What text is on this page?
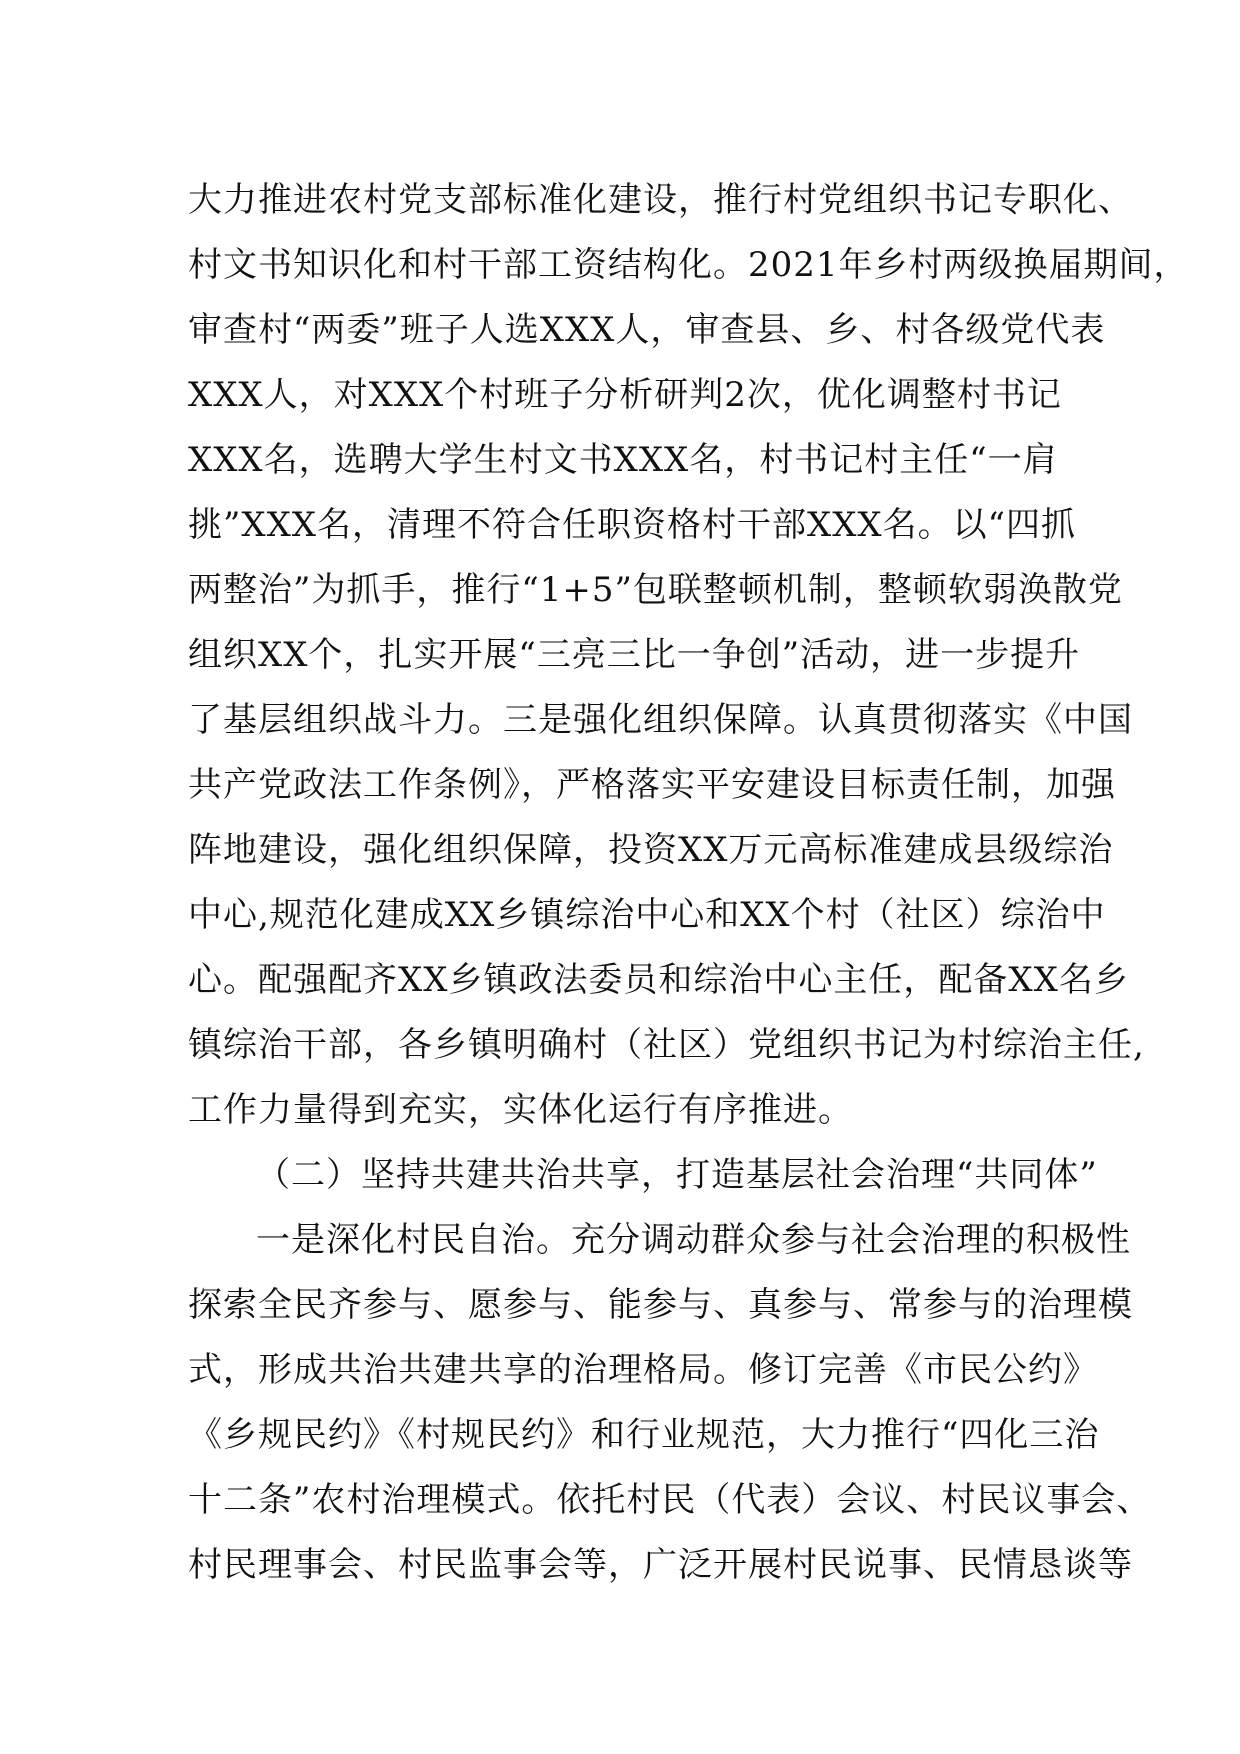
大力推进农村党支部标准化建设，推行村党组织书记专职化、
村文书知识化和村干部工资结构化。2021年乡村两级换届期间，
审查村“两委”班子人选XXX人，审查县、乡、村各级党代表
XXX人，对XXX个村班子分析研判2次，优化调整村书记
XXX名，选聘大学生村文书XXX名，村书记村主任“一肩
挑”XXX名，清理不符合任职资格村干部XXX名。以“四抓
两整治”为抓手，推行“1+5”包联整顿机制，整顿软弱涣散党
组织XX个，扎实开展“三亮三比一争创”活动，进一步提升
了基层组织战斗力。三是强化组织保障。认真贯彻落实《中国
共产党政法工作条例》，严格落实平安建设目标责任制，加强
阵地建设，强化组织保障，投资XX万元高标准建成县级综治
中心,规范化建成XX乡镇综治中心和XX个村（社区）综治中
心。配强配齐XX乡镇政法委员和综治中心主任，配备XX名乡
镇综治干部，各乡镇明确村（社区）党组织书记为村综治主任,
工作力量得到充实，实体化运行有序推进。
（二）坚持共建共治共享，打造基层社会治理“共同体”
一是深化村民自治。充分调动群众参与社会治理的积极性
探索全民齐参与、愿参与、能参与、真参与、常参与的治理模
式，形成共治共建共享的治理格局。修订完善《市民公约》
《乡规民约》《村规民约》和行业规范，大力推行“四化三治
十二条”农村治理模式。依托村民（代表）会议、村民议事会、
村民理事会、村民监事会等，广泛开展村民说事、民情恳谈等
